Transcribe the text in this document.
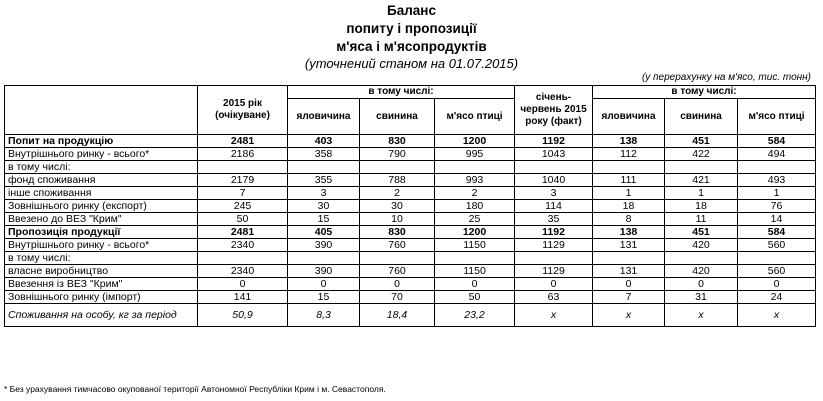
Баланс
попиту і пропозиції
м'яса і м'ясопродуктів
(уточнений станом на 01.07.2015)
(у перерахунку на м'ясо, тис. тонн)
	2015 рік (очікуване)	в тому числі:			січень-червень 2015 року (факт)	в тому числі:		
		яловичина	свинина	м'ясо птиці		яловичина	свинина	м'ясо птиці
Попит на продукцію	2481	403	830	1200	1192	138	451	584
Внутрішнього ринку - всього*	2186	358	790	995	1043	112	422	494
в тому числі:								
фонд споживання	2179	355	788	993	1040	111	421	493
інше споживання	7	3	2	2	3	1	1	1
Зовнішнього ринку (експорт)	245	30	30	180	114	18	18	76
Ввезено до ВЕЗ "Крим"	50	15	10	25	35	8	11	14
Пропозиція продукції	2481	405	830	1200	1192	138	451	584
Внутрішнього ринку - всього*	2340	390	760	1150	1129	131	420	560
в тому числі:								
власне виробництво	2340	390	760	1150	1129	131	420	560
Ввезення із ВЕЗ "Крим"	0	0	0	0	0	0	0	0
Зовнішнього ринку (імпорт)	141	15	70	50	63	7	31	24
Споживання на особу, кг за період	50,9	8,3	18,4	23,2	x	x	x	x
* Без урахування тимчасово окупованої території Автономної Республіки Крим і м. Севастополя.
